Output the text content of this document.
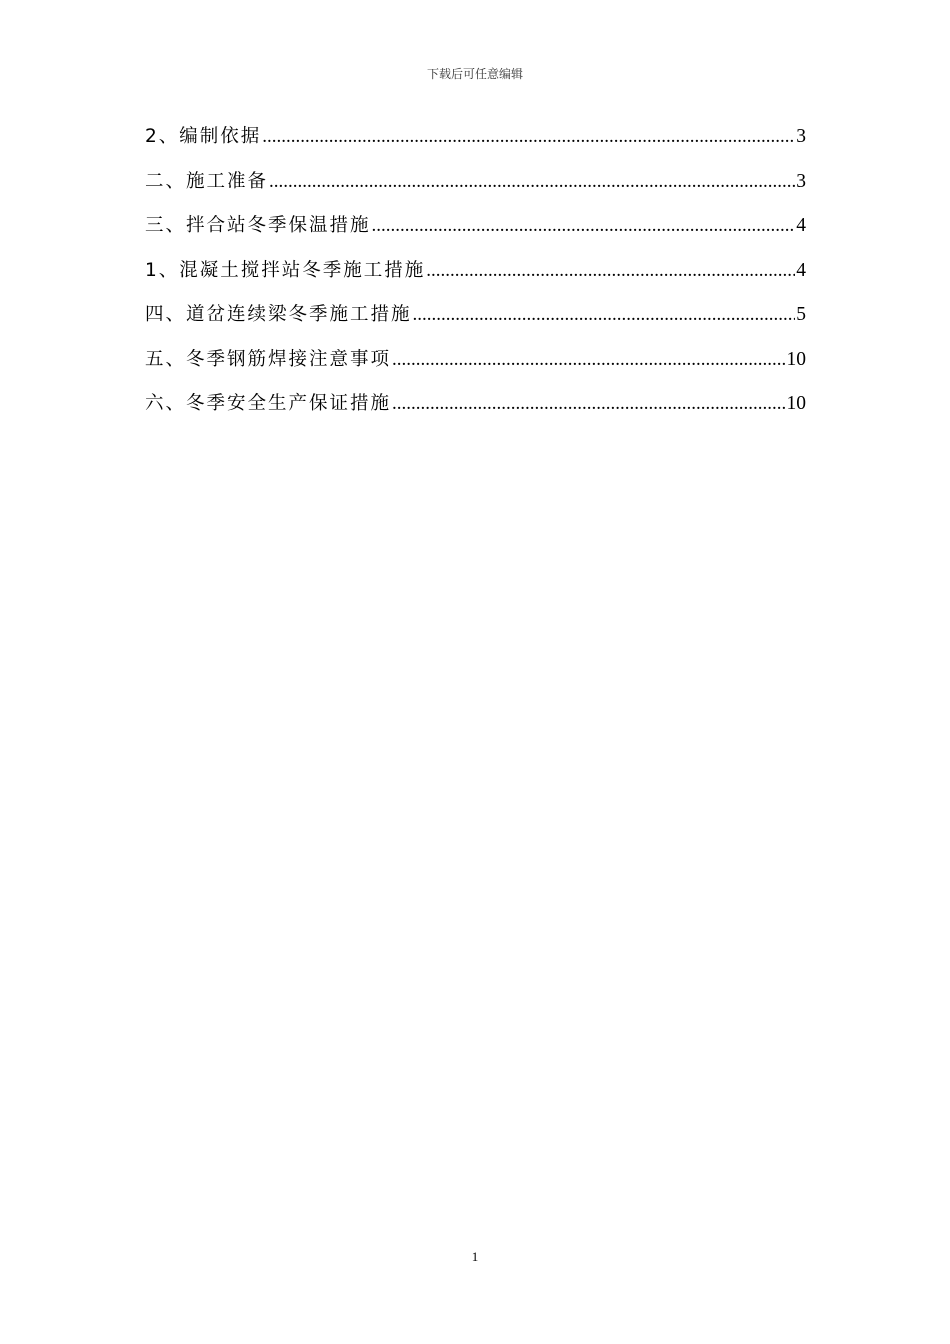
下载后可任意编辑
2、编制依据 .....	3
二、施工准备 .....	3
三、拌合站冬季保温措施 .....	4
1、混凝土搅拌站冬季施工措施 .....	4
四、道岔连续梁冬季施工措施 .....	5
五、冬季钢筋焊接注意事项 .....	10
六、冬季安全生产保证措施 .....	10
1
